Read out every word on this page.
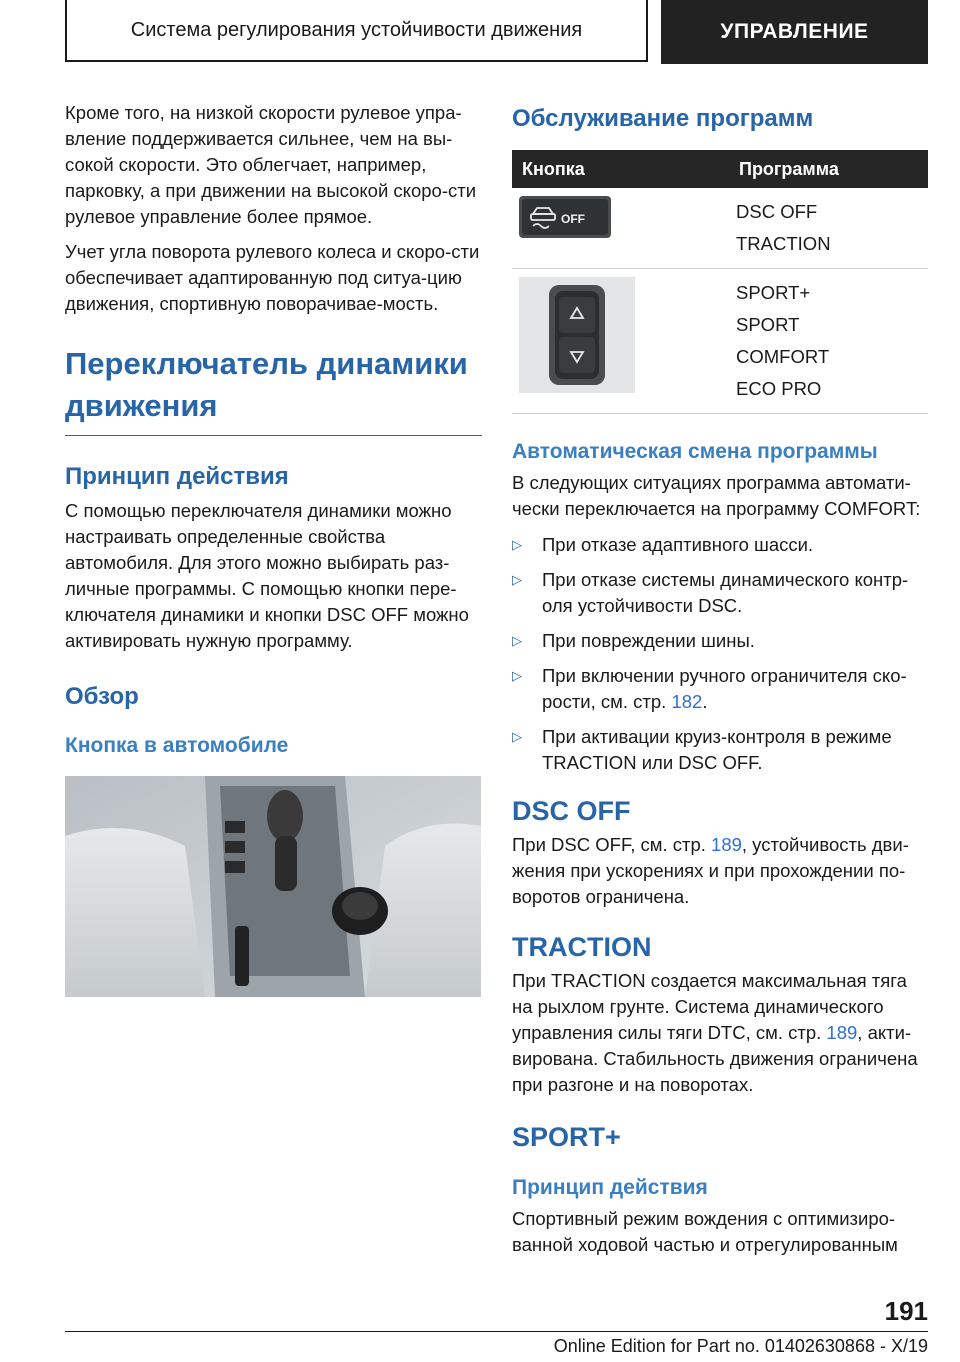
Система регулирования устойчивости движения	УПРАВЛЕНИЕ

Кроме того, на низкой скорости рулевое упра-вление поддерживается сильнее, чем на вы-сокой скорости. Это облегчает, например, парковку, а при движении на высокой скоро-сти рулевое управление более прямое.

Учет угла поворота рулевого колеса и скоро-сти обеспечивает адаптированную под ситуа-цию движения, спортивную поворачивае-мость.

Переключатель динамики движения
Принцип действия

С помощью переключателя динамики можно настраивать определенные свойства автомобиля. Для этого можно выбирать раз-личные программы. С помощью кнопки пере-ключателя динамики и кнопки DSC OFF можно активировать нужную программу.

Обзор
Кнопка в автомобиле
Обслуживание программ
Кнопка	Программа

OFF	DSC OFF
TRACTION

SPORT+
SPORT
COMFORT
ECO PRO
Автоматическая смена программы

В следующих ситуациях программа автомати-чески переключается на программу COMFORT:

▷ При отказе адаптивного шасси.
▷ При отказе системы динамического контр-оля устойчивости DSC.
▷ При повреждении шины.
▷ При включении ручного ограничителя ско-рости, см. стр. 182.
▷ При активации круиз-контроля в режиме TRACTION или DSC OFF.
DSC OFF

При DSC OFF, см. стр. 189, устойчивость дви-жения при ускорениях и при прохождении по-воротов ограничена.

TRACTION

При TRACTION создается максимальная тяга на рыхлом грунте. Система динамического управления силы тяги DTC, см. стр. 189, акти-вирована. Стабильность движения ограничена при разгоне и на поворотах.

SPORT+
Принцип действия

Спортивный режим вождения с оптимизиро-ванной ходовой частью и отрегулированным

191
Online Edition for Part no. 01402630868 - X/19
